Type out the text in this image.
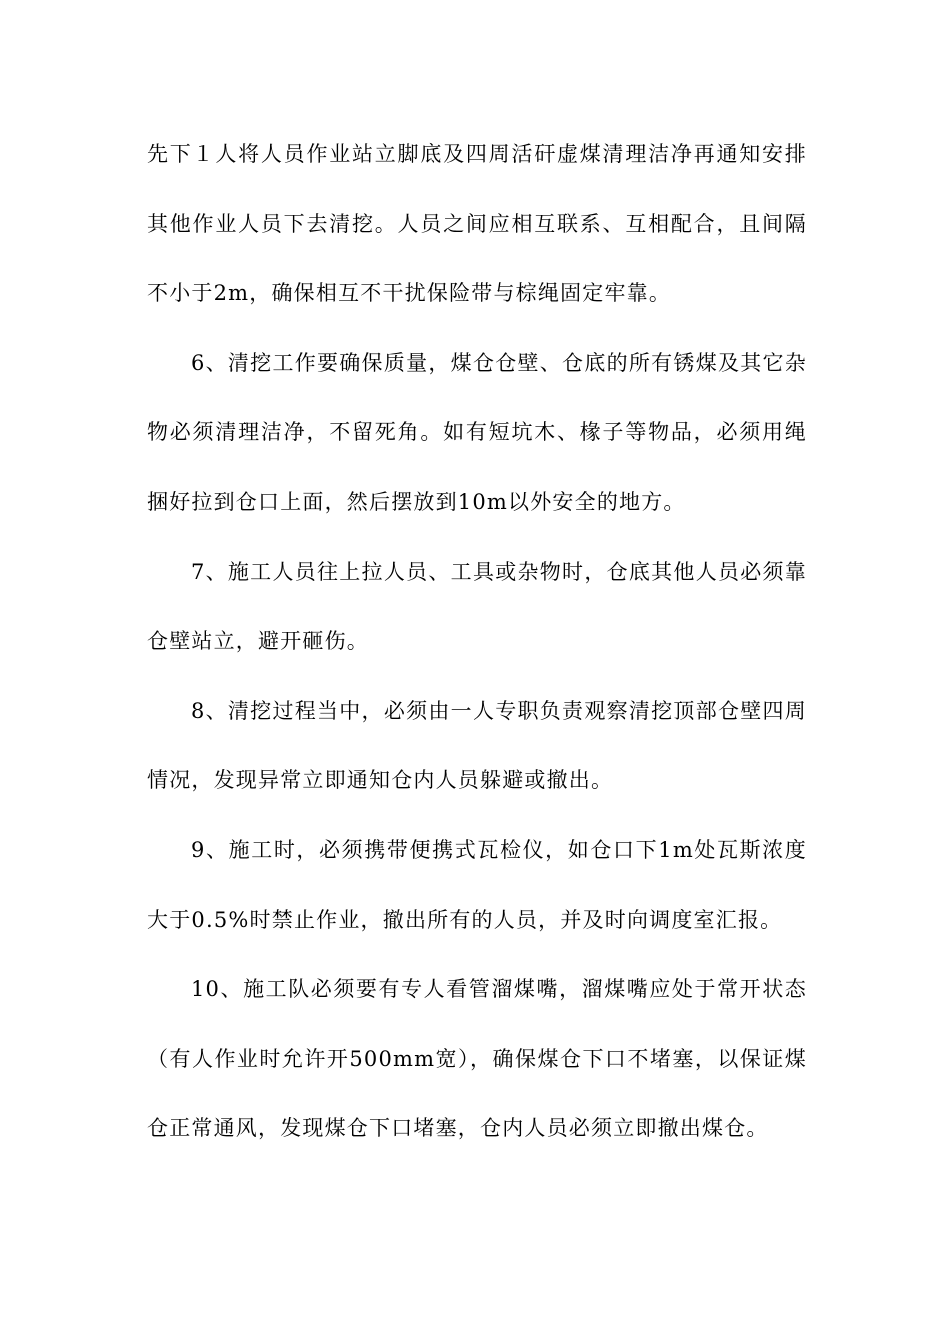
先下１人将人员作业站立脚底及四周活矸虚煤清理洁净再通知安排
其他作业人员下去清挖。人员之间应相互联系、互相配合，且间隔
不小于2m，确保相互不干扰保险带与棕绳固定牢靠。
6、清挖工作要确保质量，煤仓仓壁、仓底的所有锈煤及其它杂
物必须清理洁净，不留死角。如有短坑木、椽子等物品，必须用绳
捆好拉到仓口上面，然后摆放到10m以外安全的地方。
7、施工人员往上拉人员、工具或杂物时，仓底其他人员必须靠
仓壁站立，避开砸伤。
8、清挖过程当中，必须由一人专职负责观察清挖顶部仓壁四周
情况，发现异常立即通知仓内人员躲避或撤出。
9、施工时，必须携带便携式瓦检仪，如仓口下1m处瓦斯浓度
大于0.5%时禁止作业，撤出所有的人员，并及时向调度室汇报。
10、施工队必须要有专人看管溜煤嘴，溜煤嘴应处于常开状态
（有人作业时允许开500mm宽），确保煤仓下口不堵塞，以保证煤
仓正常通风，发现煤仓下口堵塞，仓内人员必须立即撤出煤仓。
